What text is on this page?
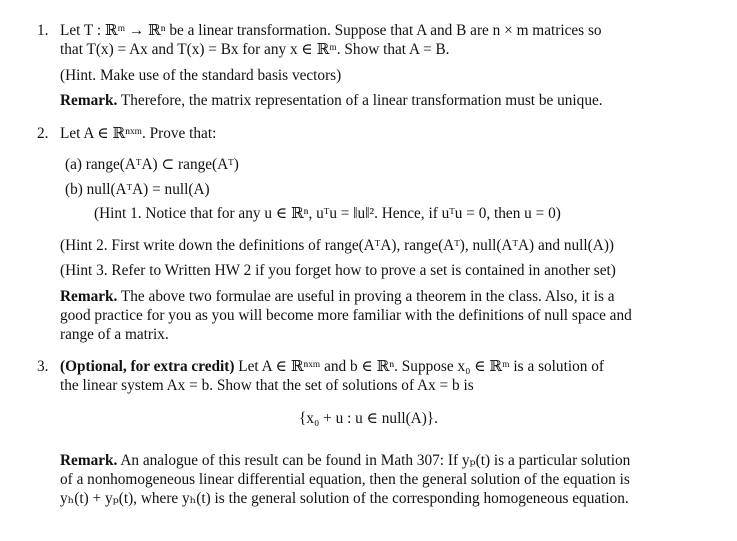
1. Let T : ℝᵐ → ℝⁿ be a linear transformation. Suppose that A and B are n × m matrices so
that T(x) = Ax and T(x) = Bx for any x ∈ ℝᵐ. Show that A = B.
(Hint. Make use of the standard basis vectors)
Remark. Therefore, the matrix representation of a linear transformation must be unique.
2. Let A ∈ ℝⁿˣᵐ. Prove that:
(a) range(AᵀA) ⊂ range(Aᵀ)
(b) null(AᵀA) = null(A)
(Hint 1. Notice that for any u ∈ ℝⁿ, uᵀu = ‖u‖². Hence, if uᵀu = 0, then u = 0)
(Hint 2. First write down the definitions of range(AᵀA), range(Aᵀ), null(AᵀA) and null(A))
(Hint 3. Refer to Written HW 2 if you forget how to prove a set is contained in another set)
Remark. The above two formulae are useful in proving a theorem in the class. Also, it is a
good practice for you as you will become more familiar with the definitions of null space and
range of a matrix.
3. (Optional, for extra credit) Let A ∈ ℝⁿˣᵐ and b ∈ ℝⁿ. Suppose x₀ ∈ ℝᵐ is a solution of
the linear system Ax = b. Show that the set of solutions of Ax = b is
{x₀ + u : u ∈ null(A)}.
Remark. An analogue of this result can be found in Math 307: If yₚ(t) is a particular solution
of a nonhomogeneous linear differential equation, then the general solution of the equation is
yₕ(t) + yₚ(t), where yₕ(t) is the general solution of the corresponding homogeneous equation.
